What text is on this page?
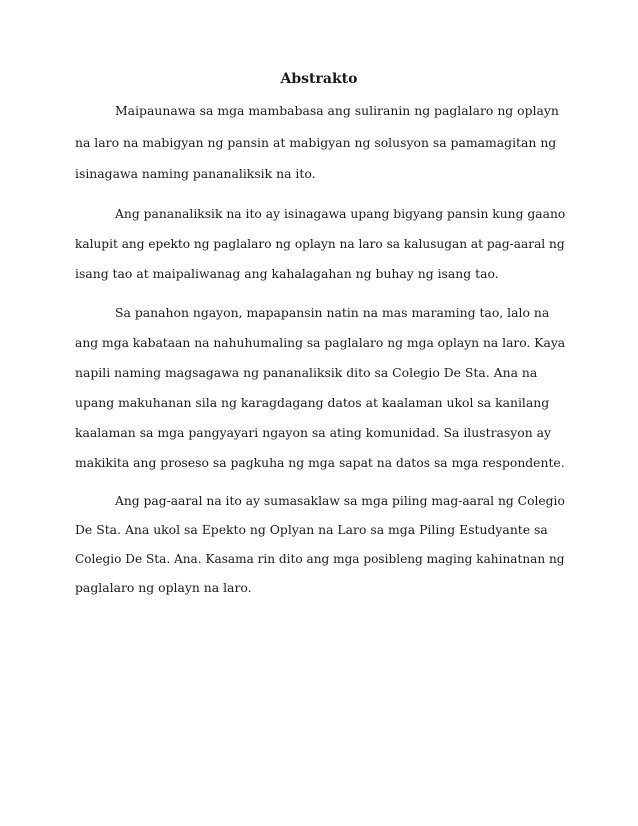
Abstrakto
Maipaunawa sa mga mambabasa ang suliranin ng paglalaro ng oplayn
na laro na mabigyan ng pansin at mabigyan ng solusyon sa pamamagitan ng
isinagawa naming pananaliksik na ito.
Ang pananaliksik na ito ay isinagawa upang bigyang pansin kung gaano
kalupit ang epekto ng paglalaro ng oplayn na laro sa kalusugan at pag-aaral ng
isang tao at maipaliwanag ang kahalagahan ng buhay ng isang tao.
Sa panahon ngayon, mapapansin natin na mas maraming tao, lalo na
ang mga kabataan na nahuhumaling sa paglalaro ng mga oplayn na laro. Kaya
napili naming magsagawa ng pananaliksik dito sa Colegio De Sta. Ana na
upang makuhanan sila ng karagdagang datos at kaalaman ukol sa kanilang
kaalaman sa mga pangyayari ngayon sa ating komunidad. Sa ilustrasyon ay
makikita ang proseso sa pagkuha ng mga sapat na datos sa mga respondente.
Ang pag-aaral na ito ay sumasaklaw sa mga piling mag-aaral ng Colegio
De Sta. Ana ukol sa Epekto ng Oplyan na Laro sa mga Piling Estudyante sa
Colegio De Sta. Ana. Kasama rin dito ang mga posibleng maging kahinatnan ng
paglalaro ng oplayn na laro.
